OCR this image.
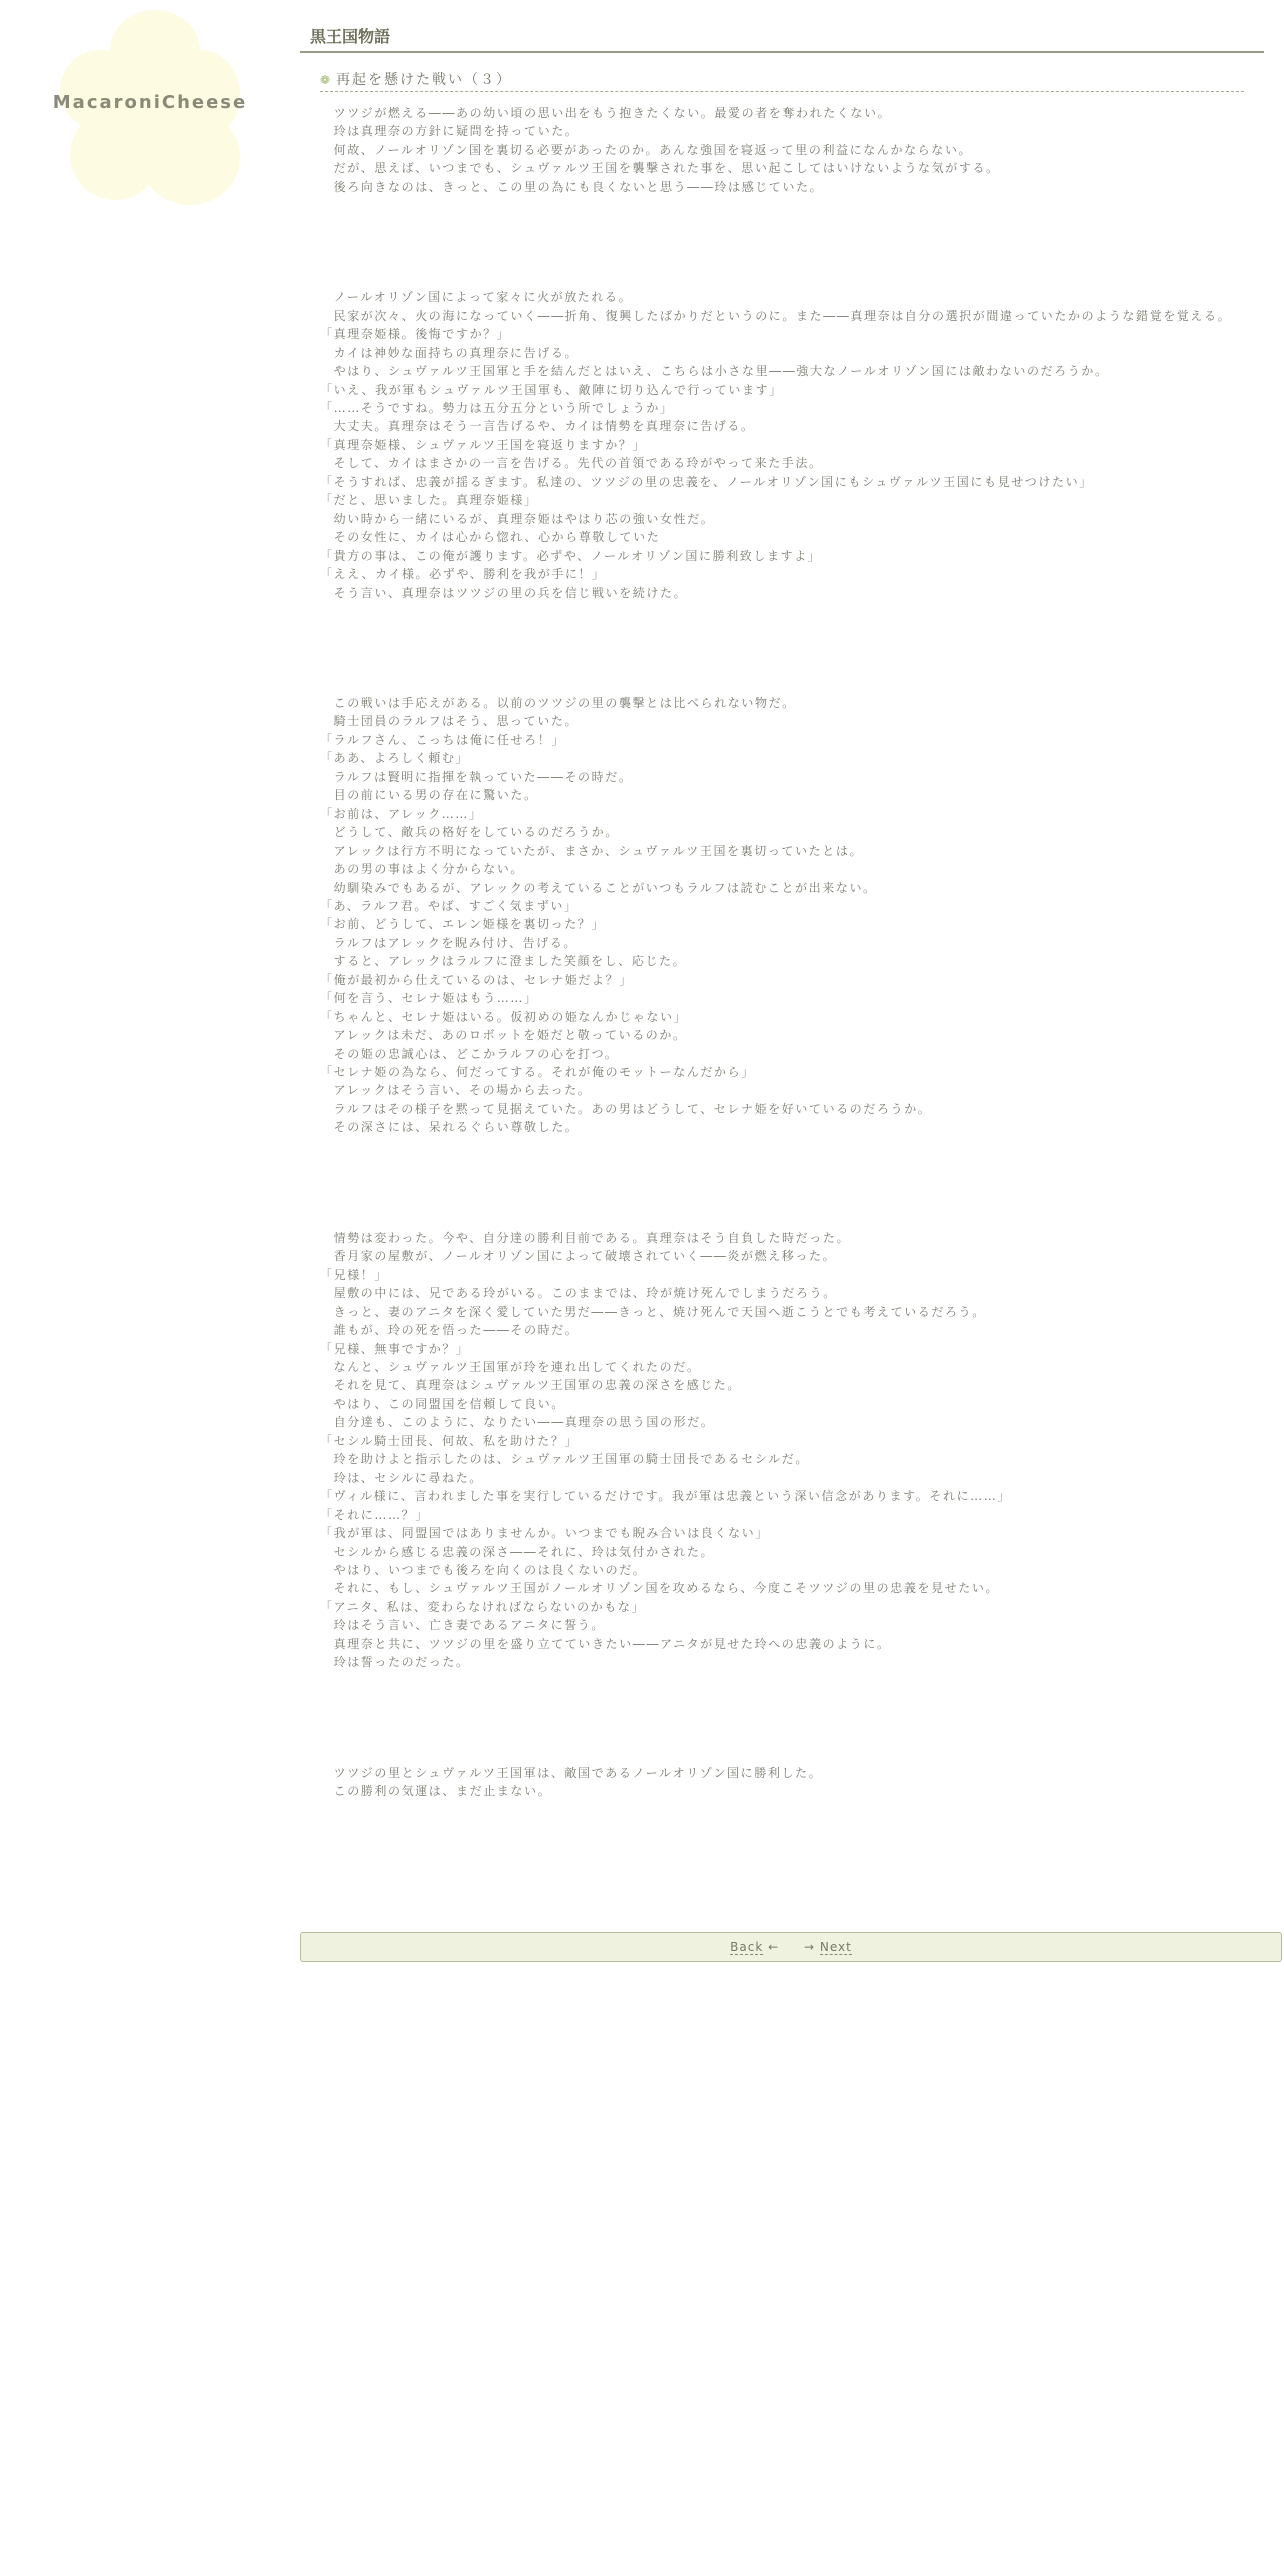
MacaroniCheese
黒王国物語
❁ 再起を懸けた戦い（３）

　ツツジが燃える――あの幼い頃の思い出をもう抱きたくない。最愛の者を奪われたくない。

　玲は真理奈の方針に疑問を持っていた。

　何故、ノールオリゾン国を裏切る必要があったのか。あんな強国を寝返って里の利益になんかならない。

　だが、思えば、いつまでも、シュヴァルツ王国を襲撃された事を、思い起こしてはいけないような気がする。

　後ろ向きなのは、きっと、この里の為にも良くないと思う――玲は感じていた。

　ノールオリゾン国によって家々に火が放たれる。

　民家が次々、火の海になっていく――折角、復興したばかりだというのに。また――真理奈は自分の選択が間違っていたかのような錯覚を覚える。

「真理奈姫様。後悔ですか？」

　カイは神妙な面持ちの真理奈に告げる。

　やはり、シュヴァルツ王国軍と手を結んだとはいえ、こちらは小さな里――強大なノールオリゾン国には敵わないのだろうか。

「いえ、我が軍もシュヴァルツ王国軍も、敵陣に切り込んで行っています」

「……そうですね。勢力は五分五分という所でしょうか」

　大丈夫。真理奈はそう一言告げるや、カイは情勢を真理奈に告げる。

「真理奈姫様、シュヴァルツ王国を寝返りますか？」

　そして、カイはまさかの一言を告げる。先代の首領である玲がやって来た手法。

「そうすれば、忠義が揺るぎます。私達の、ツツジの里の忠義を、ノールオリゾン国にもシュヴァルツ王国にも見せつけたい」

「だと、思いました。真理奈姫様」

　幼い時から一緒にいるが、真理奈姫はやはり芯の強い女性だ。

　その女性に、カイは心から惚れ、心から尊敬していた

「貴方の事は、この俺が護ります。必ずや、ノールオリゾン国に勝利致しますよ」

「ええ、カイ様。必ずや、勝利を我が手に！」

　そう言い、真理奈はツツジの里の兵を信じ戦いを続けた。

　この戦いは手応えがある。以前のツツジの里の襲撃とは比べられない物だ。

　騎士団員のラルフはそう、思っていた。

「ラルフさん、こっちは俺に任せろ！」

「ああ、よろしく頼む」

　ラルフは賢明に指揮を執っていた――その時だ。

　目の前にいる男の存在に驚いた。

「お前は、アレック……」

　どうして、敵兵の格好をしているのだろうか。

　アレックは行方不明になっていたが、まさか、シュヴァルツ王国を裏切っていたとは。

　あの男の事はよく分からない。

　幼馴染みでもあるが、アレックの考えていることがいつもラルフは読むことが出来ない。

「あ、ラルフ君。やば、すごく気まずい」

「お前、どうして、エレン姫様を裏切った？」

　ラルフはアレックを睨み付け、告げる。

　すると、アレックはラルフに澄ました笑顔をし、応じた。

「俺が最初から仕えているのは、セレナ姫だよ？」

「何を言う、セレナ姫はもう……」

「ちゃんと、セレナ姫はいる。仮初めの姫なんかじゃない」

　アレックは未だ、あのロボットを姫だと敬っているのか。

　その姫の忠誠心は、どこかラルフの心を打つ。

「セレナ姫の為なら、何だってする。それが俺のモットーなんだから」

　アレックはそう言い、その場から去った。

　ラルフはその様子を黙って見据えていた。あの男はどうして、セレナ姫を好いているのだろうか。

　その深さには、呆れるぐらい尊敬した。

　情勢は変わった。今や、自分達の勝利目前である。真理奈はそう自負した時だった。

　香月家の屋敷が、ノールオリゾン国によって破壊されていく――炎が燃え移った。

「兄様！」

　屋敷の中には、兄である玲がいる。このままでは、玲が焼け死んでしまうだろう。

　きっと、妻のアニタを深く愛していた男だ――きっと、焼け死んで天国へ逝こうとでも考えているだろう。

　誰もが、玲の死を悟った――その時だ。

「兄様、無事ですか？」

　なんと、シュヴァルツ王国軍が玲を連れ出してくれたのだ。

　それを見て、真理奈はシュヴァルツ王国軍の忠義の深さを感じた。

　やはり、この同盟国を信頼して良い。

　自分達も、このように、なりたい――真理奈の思う国の形だ。

「セシル騎士団長、何故、私を助けた？」

　玲を助けよと指示したのは、シュヴァルツ王国軍の騎士団長であるセシルだ。

　玲は、セシルに尋ねた。

「ヴィル様に、言われました事を実行しているだけです。我が軍は忠義という深い信念があります。それに……」

「それに……？」

「我が軍は、同盟国ではありませんか。いつまでも睨み合いは良くない」

　セシルから感じる忠義の深さ――それに、玲は気付かされた。

　やはり、いつまでも後ろを向くのは良くないのだ。

　それに、もし、シュヴァルツ王国がノールオリゾン国を攻めるなら、今度こそツツジの里の忠義を見せたい。

「アニタ、私は、変わらなければならないのかもな」

　玲はそう言い、亡き妻であるアニタに誓う。

　真理奈と共に、ツツジの里を盛り立てていきたい――アニタが見せた玲への忠義のように。

　玲は誓ったのだった。

　ツツジの里とシュヴァルツ王国軍は、敵国であるノールオリゾン国に勝利した。

　この勝利の気運は、まだ止まない。

Back ← → Next
